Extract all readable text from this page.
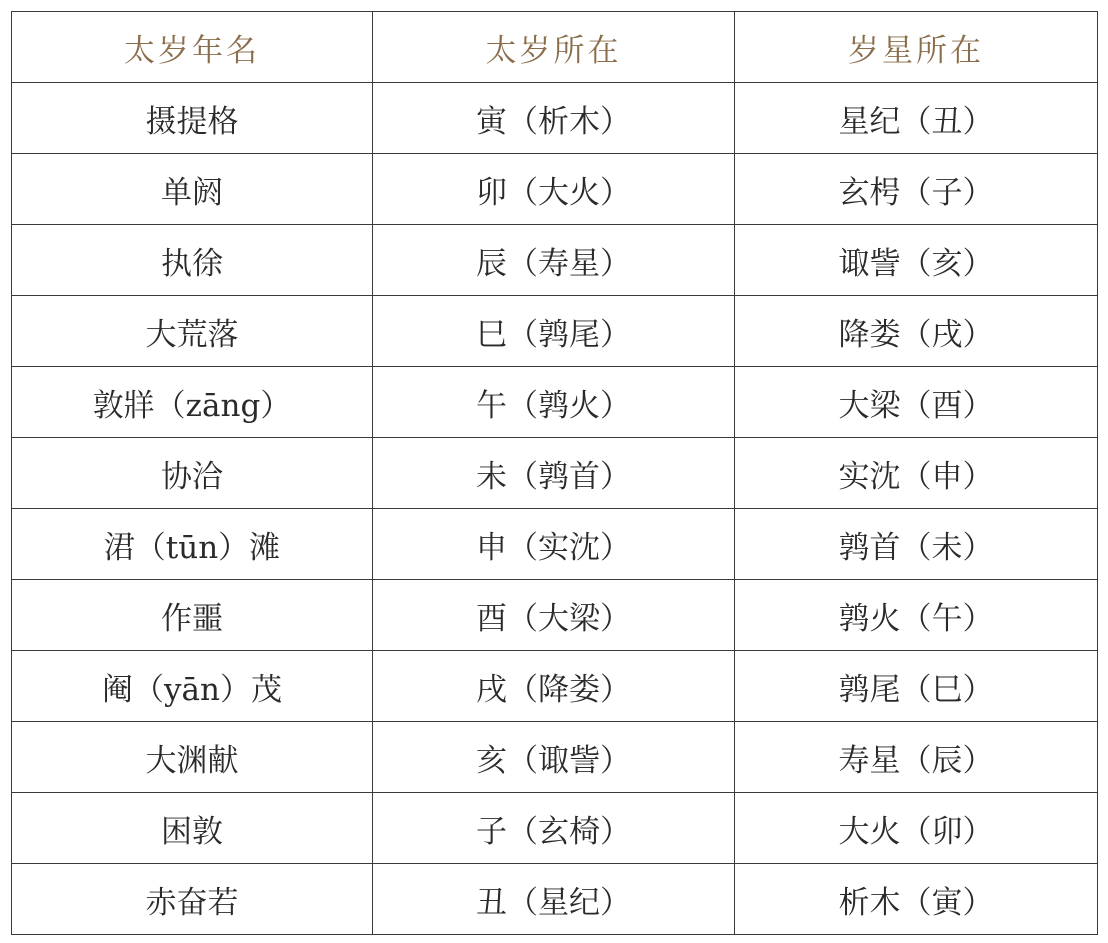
太岁年名	太岁所在	岁星所在
摄提格	寅（析木）	星纪（丑）
单阏	卯（大火）	玄枵（子）
执徐	辰（寿星）	诹訾（亥）
大荒落	巳（鹑尾）	降娄（戌）
敦牂（zāng）	午（鹑火）	大梁（酉）
协洽	未（鹑首）	实沈（申）
涒（tūn）滩	申（实沈）	鹑首（未）
作噩	酉（大梁）	鹑火（午）
阉（yān）茂	戌（降娄）	鹑尾（巳）
大渊献	亥（诹訾）	寿星（辰）
困敦	子（玄椅）	大火（卯）
赤奋若	丑（星纪）	析木（寅）
